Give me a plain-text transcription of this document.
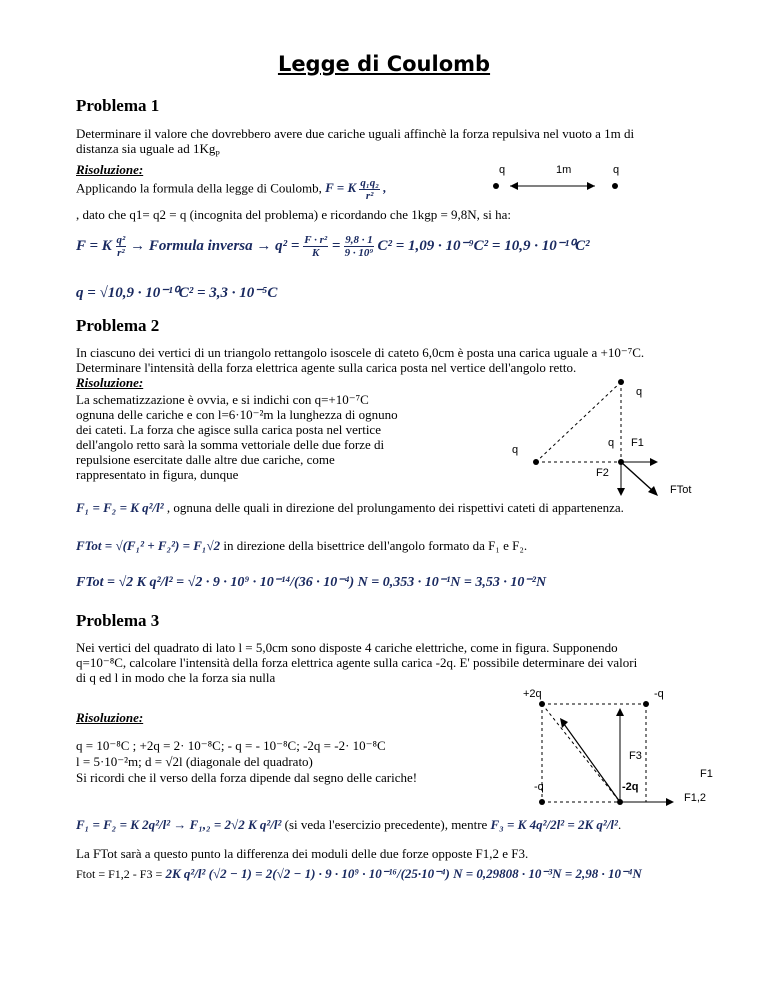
Legge di Coulomb
Problema 1
Determinare il valore che dovrebbero avere due cariche uguali affinchè la forza repulsiva nel vuoto a 1m di
distanza sia uguale ad $1Kg_P$
Risoluzione:
Applicando la formula della legge di Coulomb, F = K $\frac{\text{q₁q₂}}{\text{r²}}$ ,
q	1m	q
, dato che q1= q2 = q (incognita del problema) e ricordando che 1kgp = 9,8N, si ha:
F = K $\frac{\text{q²}}{\text{r²}}$ → Formula inversa → $q^2 = \frac{\text{F · r²}}{K} = \frac{9,8 \cdot 1}{\text{9 · 10⁹}} C^2 = 1,09 \cdot 10^{-9}C^2 = 10,9 \cdot 10^{-10}C^2$
q = √10,9 · 10⁻¹⁰C² = 3,3 · 10⁻⁵C
Problema 2
In ciascuno dei vertici di un triangolo rettangolo isoscele di cateto 6,0cm è posta una carica uguale a +10⁻⁷C.
Determinare l'intensità della forza elettrica agente sulla carica posta nel vertice dell'angolo retto.
Risoluzione:
La schematizzazione è ovvia, e si indichi con q=+10⁻⁷C
ognuna delle cariche e con l=6·10⁻²m la lunghezza di ognuno
dei cateti. La forza che agisce sulla carica posta nel vertice
dell'angolo retto sarà la somma vettoriale delle due forze di
repulsione esercitate dalle altre due cariche, come
rappresentato in figura, dunque
q
q
q
F1
F2
FTot
F₁ = F₂ = K q²/l² , ognuna delle quali in direzione del prolungamento dei rispettivi cateti di appartenenza.
FTot = √(F₁² + F₂²) = F₁√2 in direzione della bisettrice dell'angolo formato da F₁ e F₂.
FTot = √2 K q²/l² = √2 · 9 · 10⁹ · 10⁻¹⁴/(36 · 10⁻⁴) N = 0,353 · 10⁻¹N = 3,53 · 10⁻²N
Problema 3
Nei vertici del quadrato di lato l = 5,0cm sono disposte 4 cariche elettriche, come in figura. Supponendo
q=10⁻⁸C, calcolare l'intensità della forza elettrica agente sulla carica -2q. E' possibile determinare dei valori
di q ed l in modo che la forza sia nulla
Risoluzione:
q = 10⁻⁸C ; +2q = 2· 10⁻⁸C; - q = - 10⁻⁸C; -2q = -2· 10⁻⁸C
l = 5·10⁻²m; d = √2l (diagonale del quadrato)
Si ricordi che il verso della forza dipende dal segno delle cariche!
+2q	-q
-q	-2q
F1
F3
F1,2
F₁ = F₂ = K 2q²/l² → F₁,₂ = 2√2 K q²/l² (si veda l'esercizio precedente), mentre F₃ = K 4q²/2l² = 2K q²/l².
La FTot sarà a questo punto la differenza dei moduli delle due forze opposte F1,2 e F3.
Ftot = F1,2 - F3 = 2K q²/l² (√2 − 1) = 2(√2 − 1) · 9 · 10⁹ · 10⁻¹⁶/(25·10⁻⁴) N = 0,29808 · 10⁻³N = 2,98 · 10⁻⁴N
